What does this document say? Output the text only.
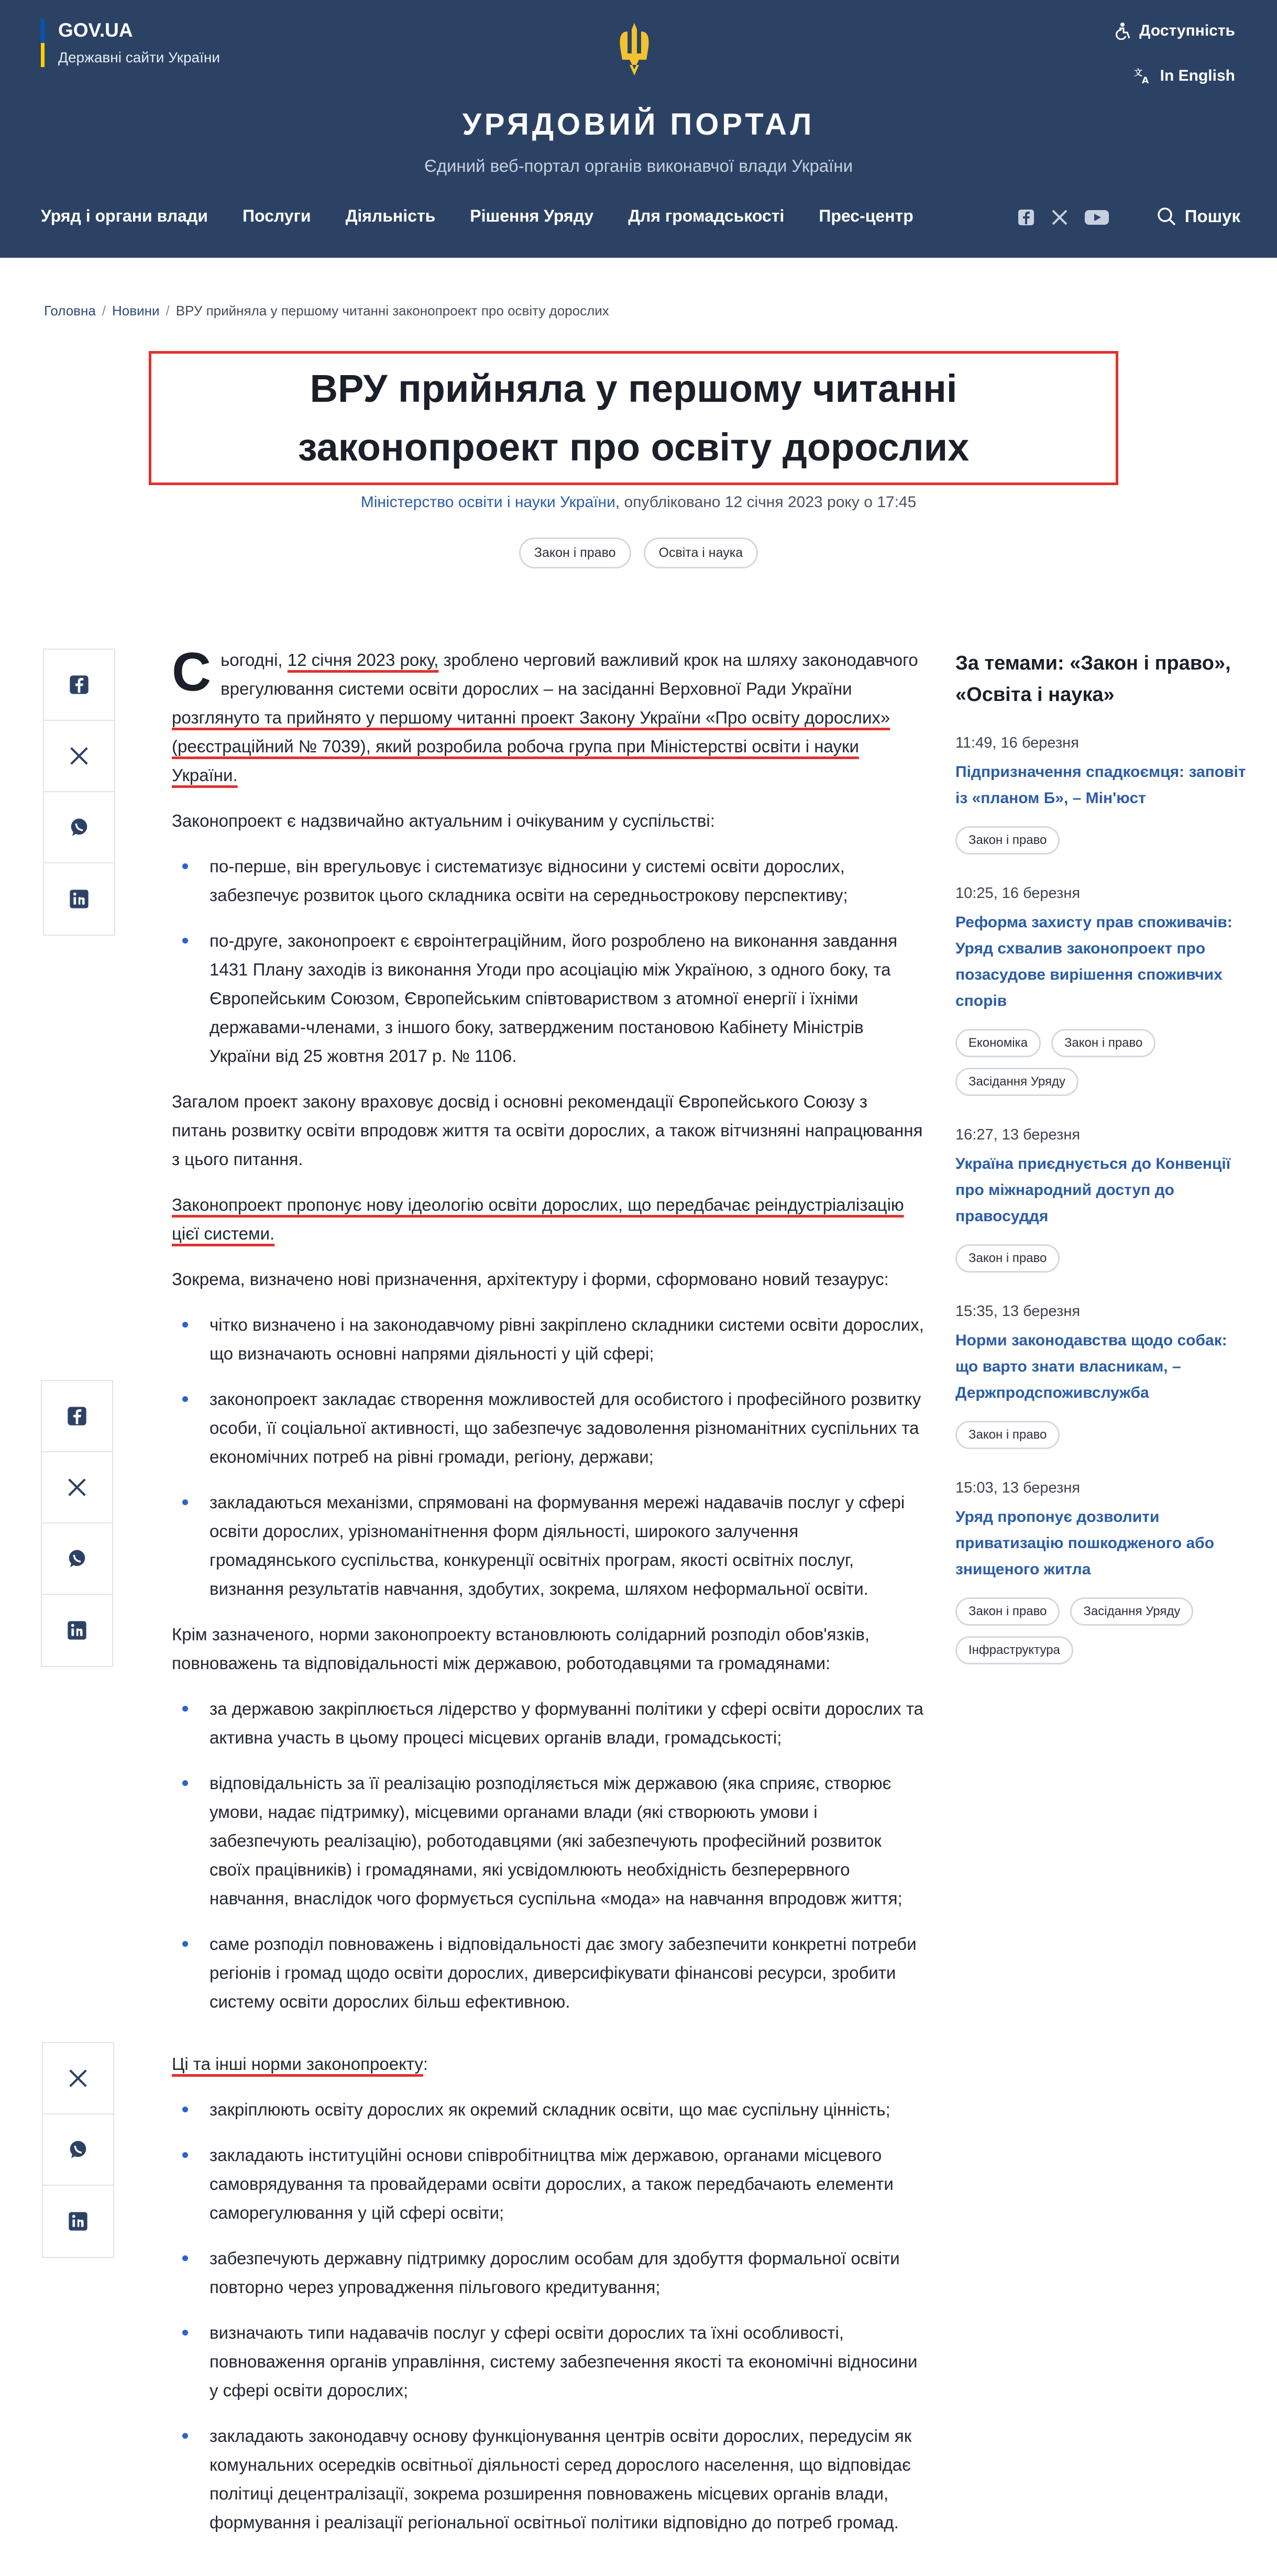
GOV.UA
Державні сайти України
Доступність
文
A In English
УРЯДОВИЙ ПОРТАЛ
Єдиний веб-портал органів виконавчої влади України
Уряд і органи влади Послуги Діяльність Рішення Уряду Для громадськості Прес-центр	Пошук
Головна / Новини / ВРУ прийняла у першому читанні законопроект про освіту дорослих
ВРУ прийняла у першому читанні законопроект про освіту дорослих
Міністерство освіти і науки України, опубліковано 12 січня 2023 року о 17:45
Закон і право	Освіта і наука

Сьогодні, 12 січня 2023 року, зроблено черговий важливий крок на шляху законодавчого врегулювання системи освіти дорослих – на засіданні Верховної Ради України розглянуто та прийнято у першому читанні проект Закону України «Про освіту дорослих» (реєстраційний № 7039), який розробила робоча група при Міністерстві освіти і науки України.

Законопроект є надзвичайно актуальним і очікуваним у суспільстві:

по-перше, він врегульовує і систематизує відносини у системі освіти дорослих, забезпечує розвиток цього складника освіти на середньострокову перспективу;
по-друге, законопроект є євроінтеграційним, його розроблено на виконання завдання 1431 Плану заходів із виконання Угоди про асоціацію між Україною, з одного боку, та Європейським Союзом, Європейським співтовариством з атомної енергії і їхніми державами-членами, з іншого боку, затвердженим постановою Кабінету Міністрів України від 25 жовтня 2017 р. № 1106.

Загалом проект закону враховує досвід і основні рекомендації Європейського Союзу з питань розвитку освіти впродовж життя та освіти дорослих, а також вітчизняні напрацювання з цього питання.

Законопроект пропонує нову ідеологію освіти дорослих, що передбачає реіндустріалізацію цієї системи.

Зокрема, визначено нові призначення, архітектуру і форми, сформовано новий тезаурус:

чітко визначено і на законодавчому рівні закріплено складники системи освіти дорослих, що визначають основні напрями діяльності у цій сфері;
законопроект закладає створення можливостей для особистого і професійного розвитку особи, її соціальної активності, що забезпечує задоволення різноманітних суспільних та економічних потреб на рівні громади, регіону, держави;
закладаються механізми, спрямовані на формування мережі надавачів послуг у сфері освіти дорослих, урізноманітнення форм діяльності, широкого залучення громадянського суспільства, конкуренції освітніх програм, якості освітніх послуг, визнання результатів навчання, здобутих, зокрема, шляхом неформальної освіти.

Крім зазначеного, норми законопроекту встановлюють солідарний розподіл обов'язків, повноважень та відповідальності між державою, роботодавцями та громадянами:

за державою закріплюється лідерство у формуванні політики у сфері освіти дорослих та активна участь в цьому процесі місцевих органів влади, громадськості;
відповідальність за її реалізацію розподіляється між державою (яка сприяє, створює умови, надає підтримку), місцевими органами влади (які створюють умови і забезпечують реалізацію), роботодавцями (які забезпечують професійний розвиток своїх працівників) і громадянами, які усвідомлюють необхідність безперервного навчання, внаслідок чого формується суспільна «мода» на навчання впродовж життя;
саме розподіл повноважень і відповідальності дає змогу забезпечити конкретні потреби регіонів і громад щодо освіти дорослих, диверсифікувати фінансові ресурси, зробити систему освіти дорослих більш ефективною.

Ці та інші норми законопроекту:

закріплюють освіту дорослих як окремий складник освіти, що має суспільну цінність;
закладають інституційні основи співробітництва між державою, органами місцевого самоврядування та провайдерами освіти дорослих, а також передбачають елементи саморегулювання у цій сфері освіти;
забезпечують державну підтримку дорослим особам для здобуття формальної освіти повторно через упровадження пільгового кредитування;
визначають типи надавачів послуг у сфері освіти дорослих та їхні особливості, повноваження органів управління, систему забезпечення якості та економічні відносини у сфері освіти дорослих;
закладають законодавчу основу функціонування центрів освіти дорослих, передусім як комунальних осередків освітньої діяльності серед дорослого населення, що відповідає політиці децентралізації, зокрема розширення повноважень місцевих органів влади, формування і реалізації регіональної освітньої політики відповідно до потреб громад.
За темами: «Закон і право», «Освіта і наука»
11:49, 16 березня
Підпризначення спадкоємця: заповіт із «планом Б», – Мін'юст
Закон і право
10:25, 16 березня
Реформа захисту прав споживачів: Уряд схвалив законопроект про позасудове вирішення споживчих спорів
Економіка	Закон і право
Засідання Уряду
16:27, 13 березня
Україна приєднується до Конвенції про міжнародний доступ до правосуддя
Закон і право
15:35, 13 березня
Норми законодавства щодо собак: що варто знати власникам, – Держпродспоживслужба
Закон і право
15:03, 13 березня
Уряд пропонує дозволити приватизацію пошкодженого або знищеного житла
Закон і право	Засідання Уряду
Інфраструктура
